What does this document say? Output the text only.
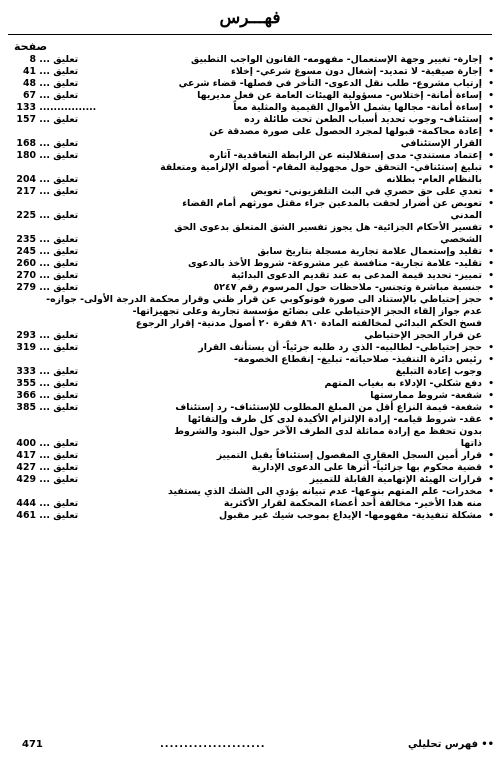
فهـــرس
صفحة
•
إجارة- تغيير وجهة الإستعمال- مفهومه- القانون الواجب التطبيق
تعليق ... 8
•
إجارة صيفية- لا تمديد- إشغال دون مسوغ شرعي- إخلاء
تعليق ... 41
•
إرتياب مشروع- طلب نقل الدعوى- التأخر في فصلها- قضاء شرعي
تعليق ... 48
•
إساءة أمانة- إختلاس- مسؤولية الهيئات العامة عن فعل مديريها
تعليق ... 67
•
إساءة أمانة- مجالها يشمل الأموال القيمية والمثلية معاً
................ 133
•
إستئناف- وجوب تحديد أسباب الطعن تحت طائلة رده
تعليق ... 157
•
إعادة محاكمة- قبولها لمجرد الحصول على صورة مصدقة عن
القرار الإستئنافي
تعليق ... 168
•
إعتماد مستندي- مدى إستقلاليته عن الرابطة التعاقدية- آثاره
تعليق ... 180
•
تبليغ إستئنافي- التحقق حول مجهولية المقام- أصوله الإلزامية ومتعلقة
بالنظام العام- بطلانه
تعليق ... 204
•
تعدي على حق حصري في البث التلفزيوني- تعويض
تعليق ... 217
•
تعويض عن أضرار لحقت بالمدعين جراء مقتل مورثهم أمام القضاء
المدني
تعليق ... 225
•
تفسير الأحكام الجزائية- هل يجوز تفسير الشق المتعلق بدعوى الحق
الشخصي
تعليق ... 235
•
تقليد وإستعمال علامة تجارية مسجلة بتاريخ سابق
تعليق ... 245
•
تقليد- علامة تجارية- منافسة غير مشروعة- شروط الأخذ بالدعوى
تعليق ... 260
•
تمييز- تحديد قيمة المدعى به عند تقديم الدعوى البدائية
تعليق ... 270
•
جنسية مباشرة وتجنس- ملاحظات حول المرسوم رقم ٥٢٤٧
تعليق ... 279
•
حجز إحتياطي بالإستناد الى صورة فوتوكوبي عن قرار ظني وقرار محكمة الدرجة الأولى- جوازه-
عدم جواز إلقاء الحجز الإحتياطي على بضائع مؤسسة تجارية وعلى تجهيزاتها-
فسخ الحكم البدائي لمخالفته المادة ٨٦٠ فقرة ٢٠ أصول مدنية- إقرار الرجوع
عن قرار الحجز الإحتياطي
تعليق ... 293
•
حجز إحتياطي- لطالبيه- الذي رد طلبه جزئياً- أن يستأنف القرار
تعليق ... 319
•
رئيس دائرة التنفيذ- صلاحياته- تبليغ- إنقطاع الخصومة-
وجوب إعادة التبليغ
تعليق ... 333
•
دفع شكلي- الإدلاء به بغياب المتهم
تعليق ... 355
•
شفعة- شروط ممارستها
تعليق ... 366
•
شفعة- قيمة النزاع أقل من المبلغ المطلوب للإستئناف- رد إستئناف
تعليق ... 385
•
عقد- شروط قيامه- إرادة الإلتزام الأكيدة لدى كل طرف وإلتقائها
بدون تحفظ مع إرادة مماثلة لدى الطرف الآخر حول البنود والشروط
ذاتها
تعليق ... 400
•
قرار أمين السجل العقاري المفصول إستئنافاً يقبل التمييز
تعليق ... 417
•
قضية محكوم بها جزائياً- أثرها على الدعوى الإدارية
تعليق ... 427
•
قرارات الهيئة الإتهامية القابلة للتمييز
تعليق ... 429
•
مخدرات- علم المتهم بنوعها- عدم تبيانه يؤدي الى الشك الذي يستفيد
منه هذا الأخير- مخالفة أحد أعضاء المحكمة لقرار الأكثرية
تعليق ... 444
•
مشكلة تنفيذية- مفهومها- الإيداع بموجب شيك غير مقبول
تعليق ... 461
••
فهرس تحليلي
......................
471
